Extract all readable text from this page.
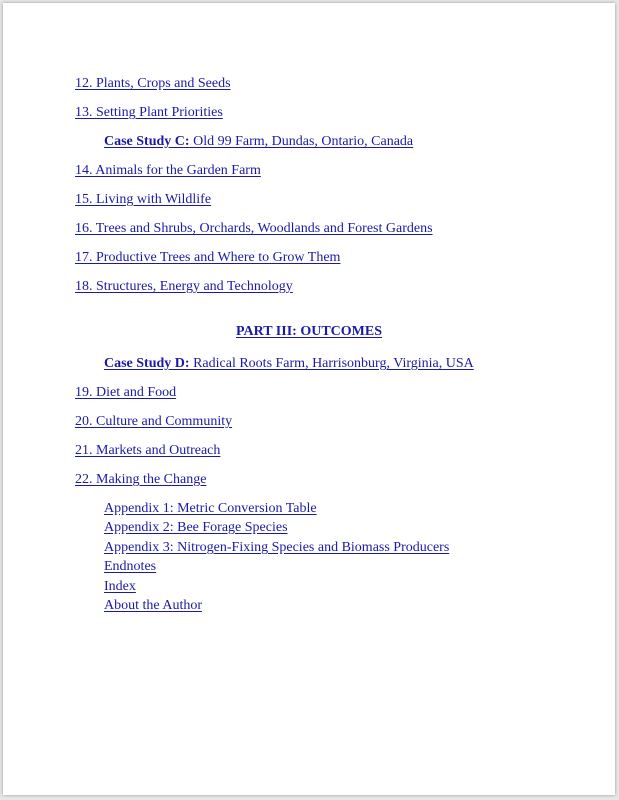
12. Plants, Crops and Seeds
13. Setting Plant Priorities
Case Study C: Old 99 Farm, Dundas, Ontario, Canada
14. Animals for the Garden Farm
15. Living with Wildlife
16. Trees and Shrubs, Orchards, Woodlands and Forest Gardens
17. Productive Trees and Where to Grow Them
18. Structures, Energy and Technology
PART III: OUTCOMES
Case Study D: Radical Roots Farm, Harrisonburg, Virginia, USA
19. Diet and Food
20. Culture and Community
21. Markets and Outreach
22. Making the Change
Appendix 1: Metric Conversion Table
Appendix 2: Bee Forage Species
Appendix 3: Nitrogen-Fixing Species and Biomass Producers
Endnotes
Index
About the Author
